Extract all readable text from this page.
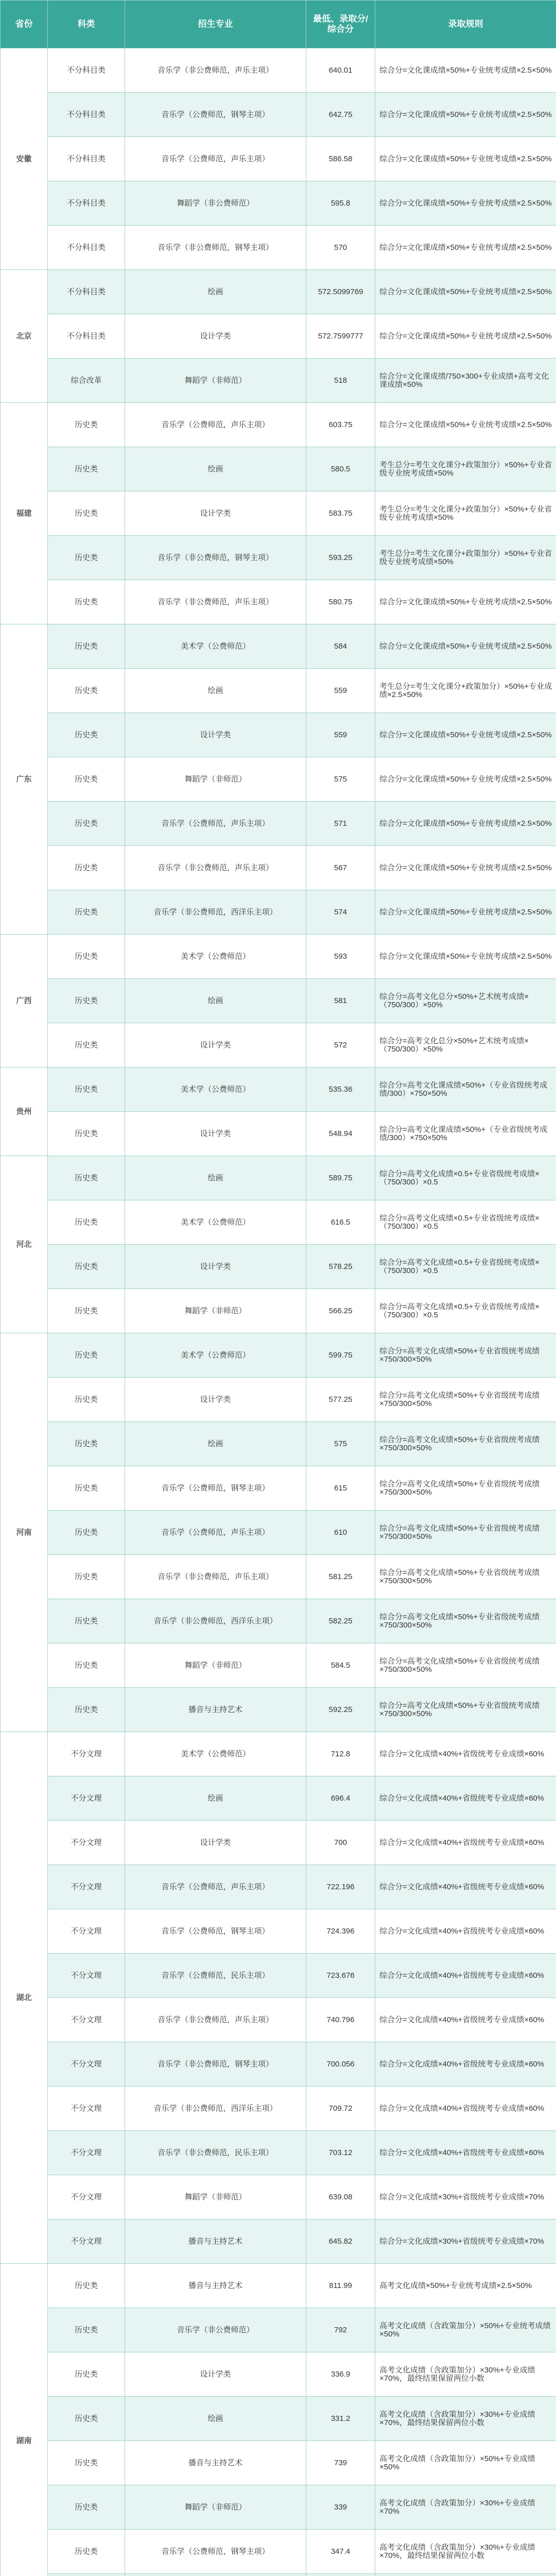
省份	科类	招生专业	最低、录取分/综合分	录取规则
安徽	不分科目类	音乐学（非公费师范，声乐主项）	640.01	综合分=文化课成绩×50%+专业统考成绩×2.5×50%
	不分科目类	音乐学（公费师范，钢琴主项）	642.75	综合分=文化课成绩×50%+专业统考成绩×2.5×50%
	不分科目类	音乐学（公费师范，声乐主项）	586.58	综合分=文化课成绩×50%+专业统考成绩×2.5×50%
	不分科目类	舞蹈学（非公费师范）	595.8	综合分=文化课成绩×50%+专业统考成绩×2.5×50%
	不分科目类	音乐学（非公费师范，钢琴主项）	570	综合分=文化课成绩×50%+专业统考成绩×2.5×50%
北京	不分科目类	绘画	572.5099769	综合分=文化课成绩×50%+专业统考成绩×2.5×50%
	不分科目类	设计学类	572.7599777	综合分=文化课成绩×50%+专业统考成绩×2.5×50%
	综合改革	舞蹈学（非师范）	518	综合分=文化课成绩/750×300+专业成绩+高考文化课成绩×50%
福建	历史类	音乐学（公费师范，声乐主项）	603.75	综合分=文化课成绩×50%+专业统考成绩×2.5×50%
	历史类	绘画	580.5	考生总分=考生文化课分+政策加分）×50%+专业省级专业统考成绩×50%
	历史类	设计学类	583.75	考生总分=考生文化课分+政策加分）×50%+专业省级专业统考成绩×50%
	历史类	音乐学（非公费师范，钢琴主项）	593.25	考生总分=考生文化课分+政策加分）×50%+专业省级专业统考成绩×50%
	历史类	音乐学（非公费师范，声乐主项）	580.75	综合分=文化课成绩×50%+专业统考成绩×2.5×50%
广东	历史类	美术学（公费师范）	584	综合分=文化课成绩×50%+专业统考成绩×2.5×50%
	历史类	绘画	559	考生总分=考生文化课分+政策加分）×50%+专业成绩×2.5×50%
	历史类	设计学类	559	综合分=文化课成绩×50%+专业统考成绩×2.5×50%
	历史类	舞蹈学（非师范）	575	综合分=文化课成绩×50%+专业统考成绩×2.5×50%
	历史类	音乐学（公费师范，声乐主项）	571	综合分=文化课成绩×50%+专业统考成绩×2.5×50%
	历史类	音乐学（非公费师范，声乐主项）	567	综合分=文化课成绩×50%+专业统考成绩×2.5×50%
	历史类	音乐学（非公费师范，西洋乐主项）	574	综合分=文化课成绩×50%+专业统考成绩×2.5×50%
广西	历史类	美术学（公费师范）	593	综合分=文化课成绩×50%+专业统考成绩×2.5×50%
	历史类	绘画	581	综合分=高考文化总分×50%+艺术统考成绩×（750/300）×50%
	历史类	设计学类	572	综合分=高考文化总分×50%+艺术统考成绩×（750/300）×50%
贵州	历史类	美术学（公费师范）	535.36	综合分=高考文化课成绩×50%+（专业省级统考成绩/300）×750×50%
	历史类	设计学类	548.94	综合分=高考文化课成绩×50%+（专业省级统考成绩/300）×750×50%
河北	历史类	绘画	589.75	综合分=高考文化成绩×0.5+专业省级统考成绩×（750/300）×0.5
	历史类	美术学（公费师范）	616.5	综合分=高考文化成绩×0.5+专业省级统考成绩×（750/300）×0.5
	历史类	设计学类	578.25	综合分=高考文化成绩×0.5+专业省级统考成绩×（750/300）×0.5
	历史类	舞蹈学（非师范）	566.25	综合分=高考文化成绩×0.5+专业省级统考成绩×（750/300）×0.5
河南	历史类	美术学（公费师范）	599.75	综合分=高考文化成绩×50%+专业省级统考成绩×750/300×50%
	历史类	设计学类	577.25	综合分=高考文化成绩×50%+专业省级统考成绩×750/300×50%
	历史类	绘画	575	综合分=高考文化成绩×50%+专业省级统考成绩×750/300×50%
	历史类	音乐学（公费师范，钢琴主项）	615	综合分=高考文化成绩×50%+专业省级统考成绩×750/300×50%
	历史类	音乐学（公费师范，声乐主项）	610	综合分=高考文化成绩×50%+专业省级统考成绩×750/300×50%
	历史类	音乐学（非公费师范，声乐主项）	581.25	综合分=高考文化成绩×50%+专业省级统考成绩×750/300×50%
	历史类	音乐学（非公费师范，西洋乐主项）	582.25	综合分=高考文化成绩×50%+专业省级统考成绩×750/300×50%
	历史类	舞蹈学（非师范）	584.5	综合分=高考文化成绩×50%+专业省级统考成绩×750/300×50%
	历史类	播音与主持艺术	592.25	综合分=高考文化成绩×50%+专业省级统考成绩×750/300×50%
湖北	不分文理	美术学（公费师范）	712.8	综合分=文化成绩×40%+省级统考专业成绩×60%
	不分文理	绘画	696.4	综合分=文化成绩×40%+省级统考专业成绩×60%
	不分文理	设计学类	700	综合分=文化成绩×40%+省级统考专业成绩×60%
	不分文理	音乐学（公费师范，声乐主项）	722.196	综合分=文化成绩×40%+省级统考专业成绩×60%
	不分文理	音乐学（公费师范，钢琴主项）	724.396	综合分=文化成绩×40%+省级统考专业成绩×60%
	不分文理	音乐学（公费师范，民乐主项）	723.676	综合分=文化成绩×40%+省级统考专业成绩×60%
	不分文理	音乐学（非公费师范，声乐主项）	740.796	综合分=文化成绩×40%+省级统考专业成绩×60%
	不分文理	音乐学（非公费师范，钢琴主项）	700.056	综合分=文化成绩×40%+省级统考专业成绩×60%
	不分文理	音乐学（非公费师范，西洋乐主项）	709.72	综合分=文化成绩×40%+省级统考专业成绩×60%
	不分文理	音乐学（非公费师范，民乐主项）	703.12	综合分=文化成绩×40%+省级统考专业成绩×60%
	不分文理	舞蹈学（非师范）	639.08	综合分=文化成绩×30%+省级统考专业成绩×70%
	不分文理	播音与主持艺术	645.82	综合分=文化成绩×30%+省级统考专业成绩×70%
湖南	历史类	播音与主持艺术	811.99	高考文化成绩×50%+专业统考成绩×2.5×50%
	历史类	音乐学（非公费师范）	792	高考文化成绩（含政策加分）×50%+专业统考成绩×50%
	历史类	设计学类	336.9	高考文化成绩（含政策加分）×30%+专业成绩×70%，最终结果保留两位小数
	历史类	绘画	331.2	高考文化成绩（含政策加分）×30%+专业成绩×70%，最终结果保留两位小数
	历史类	播音与主持艺术	739	高考文化成绩（含政策加分）×50%+专业成绩×50%
	历史类	舞蹈学（非师范）	339	高考文化成绩（含政策加分）×30%+专业成绩×70%
	历史类	音乐学（公费师范，钢琴主项）	347.4	高考文化成绩（含政策加分）×30%+专业成绩×70%，最终结果保留两位小数
